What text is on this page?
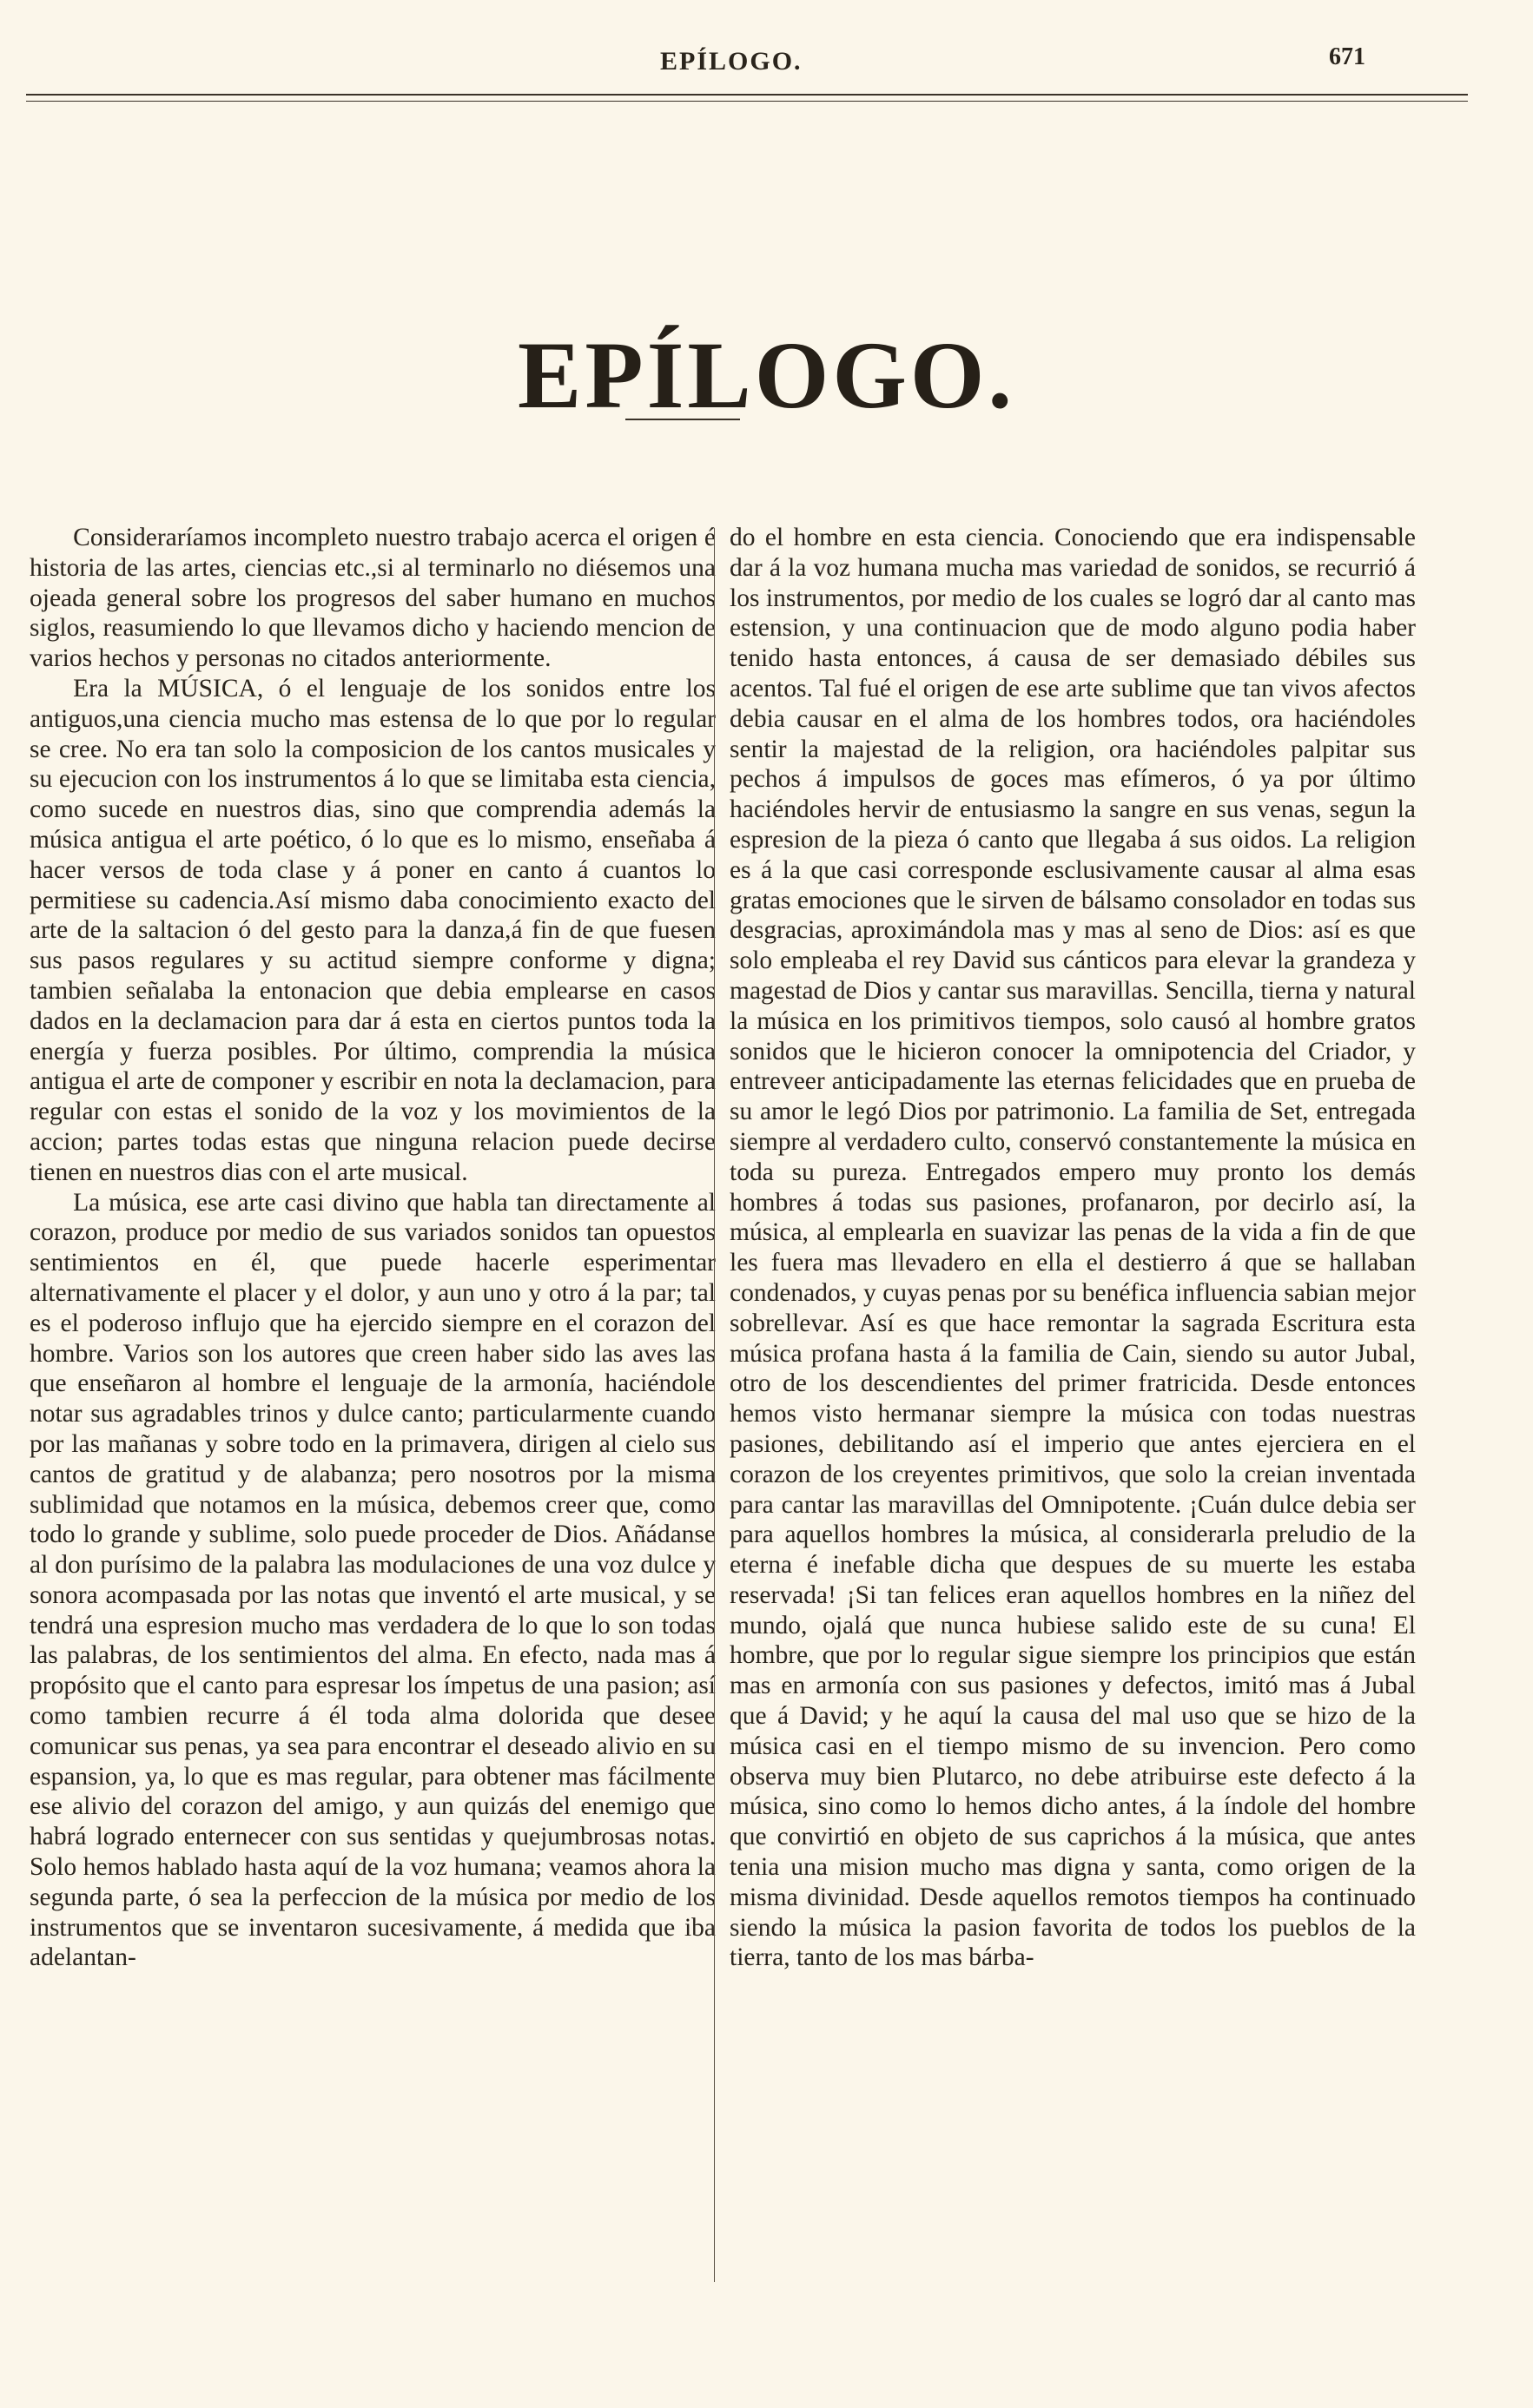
EPÍLOGO.	671
EPÍLOGO.

Consideraríamos incompleto nuestro trabajo acerca el origen é historia de las artes, ciencias etc.,si al terminarlo no diésemos una ojeada general sobre los progresos del saber humano en muchos siglos, reasumiendo lo que llevamos dicho y haciendo mencion de varios hechos y personas no citados anteriormente.

Era la MÚSICA, ó el lenguaje de los sonidos entre los antiguos,una ciencia mucho mas estensa de lo que por lo regular se cree. No era tan solo la composicion de los cantos musicales y su ejecucion con los instrumentos á lo que se limitaba esta ciencia, como sucede en nuestros dias, sino que comprendia además la música antigua el arte poético, ó lo que es lo mismo, enseñaba á hacer versos de toda clase y á poner en canto á cuantos lo permitiese su cadencia.Así mismo daba conocimiento exacto del arte de la saltacion ó del gesto para la danza,á fin de que fuesen sus pasos regulares y su actitud siempre conforme y digna; tambien señalaba la entonacion que debia emplearse en casos dados en la declamacion para dar á esta en ciertos puntos toda la energía y fuerza posibles. Por último, comprendia la música antigua el arte de componer y escribir en nota la declamacion, para regular con estas el sonido de la voz y los movimientos de la accion; partes todas estas que ninguna relacion puede decirse tienen en nuestros dias con el arte musical.

La música, ese arte casi divino que habla tan directamente al corazon, produce por medio de sus variados sonidos tan opuestos sentimientos en él, que puede hacerle esperimentar alternativamente el placer y el dolor, y aun uno y otro á la par; tal es el poderoso influjo que ha ejercido siempre en el corazon del hombre. Varios son los autores que creen haber sido las aves las que enseñaron al hombre el lenguaje de la armonía, haciéndole notar sus agradables trinos y dulce canto; particularmente cuando por las mañanas y sobre todo en la primavera, dirigen al cielo sus cantos de gratitud y de alabanza; pero nosotros por la misma sublimidad que notamos en la música, debemos creer que, como todo lo grande y sublime, solo puede proceder de Dios. Añádanse al don purísimo de la palabra las modulaciones de una voz dulce y sonora acompasada por las notas que inventó el arte musical, y se tendrá una espresion mucho mas verdadera de lo que lo son todas las palabras, de los sentimientos del alma. En efecto, nada mas á propósito que el canto para espresar los ímpetus de una pasion; así como tambien recurre á él toda alma dolorida que desee comunicar sus penas, ya sea para encontrar el deseado alivio en su espansion, ya, lo que es mas regular, para obtener mas fácilmente ese alivio del corazon del amigo, y aun quizás del enemigo que habrá logrado enternecer con sus sentidas y quejumbrosas notas. Solo hemos hablado hasta aquí de la voz humana; veamos ahora la segunda parte, ó sea la perfeccion de la música por medio de los instrumentos que se inventaron sucesivamente, á medida que iba adelantan-

do el hombre en esta ciencia. Conociendo que era indispensable dar á la voz humana mucha mas variedad de sonidos, se recurrió á los instrumentos, por medio de los cuales se logró dar al canto mas estension, y una continuacion que de modo alguno podia haber tenido hasta entonces, á causa de ser demasiado débiles sus acentos. Tal fué el origen de ese arte sublime que tan vivos afectos debia causar en el alma de los hombres todos, ora haciéndoles sentir la majestad de la religion, ora haciéndoles palpitar sus pechos á impulsos de goces mas efímeros, ó ya por último haciéndoles hervir de entusiasmo la sangre en sus venas, segun la espresion de la pieza ó canto que llegaba á sus oidos. La religion es á la que casi corresponde esclusivamente causar al alma esas gratas emociones que le sirven de bálsamo consolador en todas sus desgracias, aproximándola mas y mas al seno de Dios: así es que solo empleaba el rey David sus cánticos para elevar la grandeza y magestad de Dios y cantar sus maravillas. Sencilla, tierna y natural la música en los primitivos tiempos, solo causó al hombre gratos sonidos que le hicieron conocer la omnipotencia del Criador, y entreveer anticipadamente las eternas felicidades que en prueba de su amor le legó Dios por patrimonio. La familia de Set, entregada siempre al verdadero culto, conservó constantemente la música en toda su pureza. Entregados empero muy pronto los demás hombres á todas sus pasiones, profanaron, por decirlo así, la música, al emplearla en suavizar las penas de la vida a fin de que les fuera mas llevadero en ella el destierro á que se hallaban condenados, y cuyas penas por su benéfica influencia sabian mejor sobrellevar. Así es que hace remontar la sagrada Escritura esta música profana hasta á la familia de Cain, siendo su autor Jubal, otro de los descendientes del primer fratricida. Desde entonces hemos visto hermanar siempre la música con todas nuestras pasiones, debilitando así el imperio que antes ejerciera en el corazon de los creyentes primitivos, que solo la creian inventada para cantar las maravillas del Omnipotente. ¡Cuán dulce debia ser para aquellos hombres la música, al considerarla preludio de la eterna é inefable dicha que despues de su muerte les estaba reservada! ¡Si tan felices eran aquellos hombres en la niñez del mundo, ojalá que nunca hubiese salido este de su cuna! El hombre, que por lo regular sigue siempre los principios que están mas en armonía con sus pasiones y defectos, imitó mas á Jubal que á David; y he aquí la causa del mal uso que se hizo de la música casi en el tiempo mismo de su invencion. Pero como observa muy bien Plutarco, no debe atribuirse este defecto á la música, sino como lo hemos dicho antes, á la índole del hombre que convirtió en objeto de sus caprichos á la música, que antes tenia una mision mucho mas digna y santa, como origen de la misma divinidad. Desde aquellos remotos tiempos ha continuado siendo la música la pasion favorita de todos los pueblos de la tierra, tanto de los mas bárba-
